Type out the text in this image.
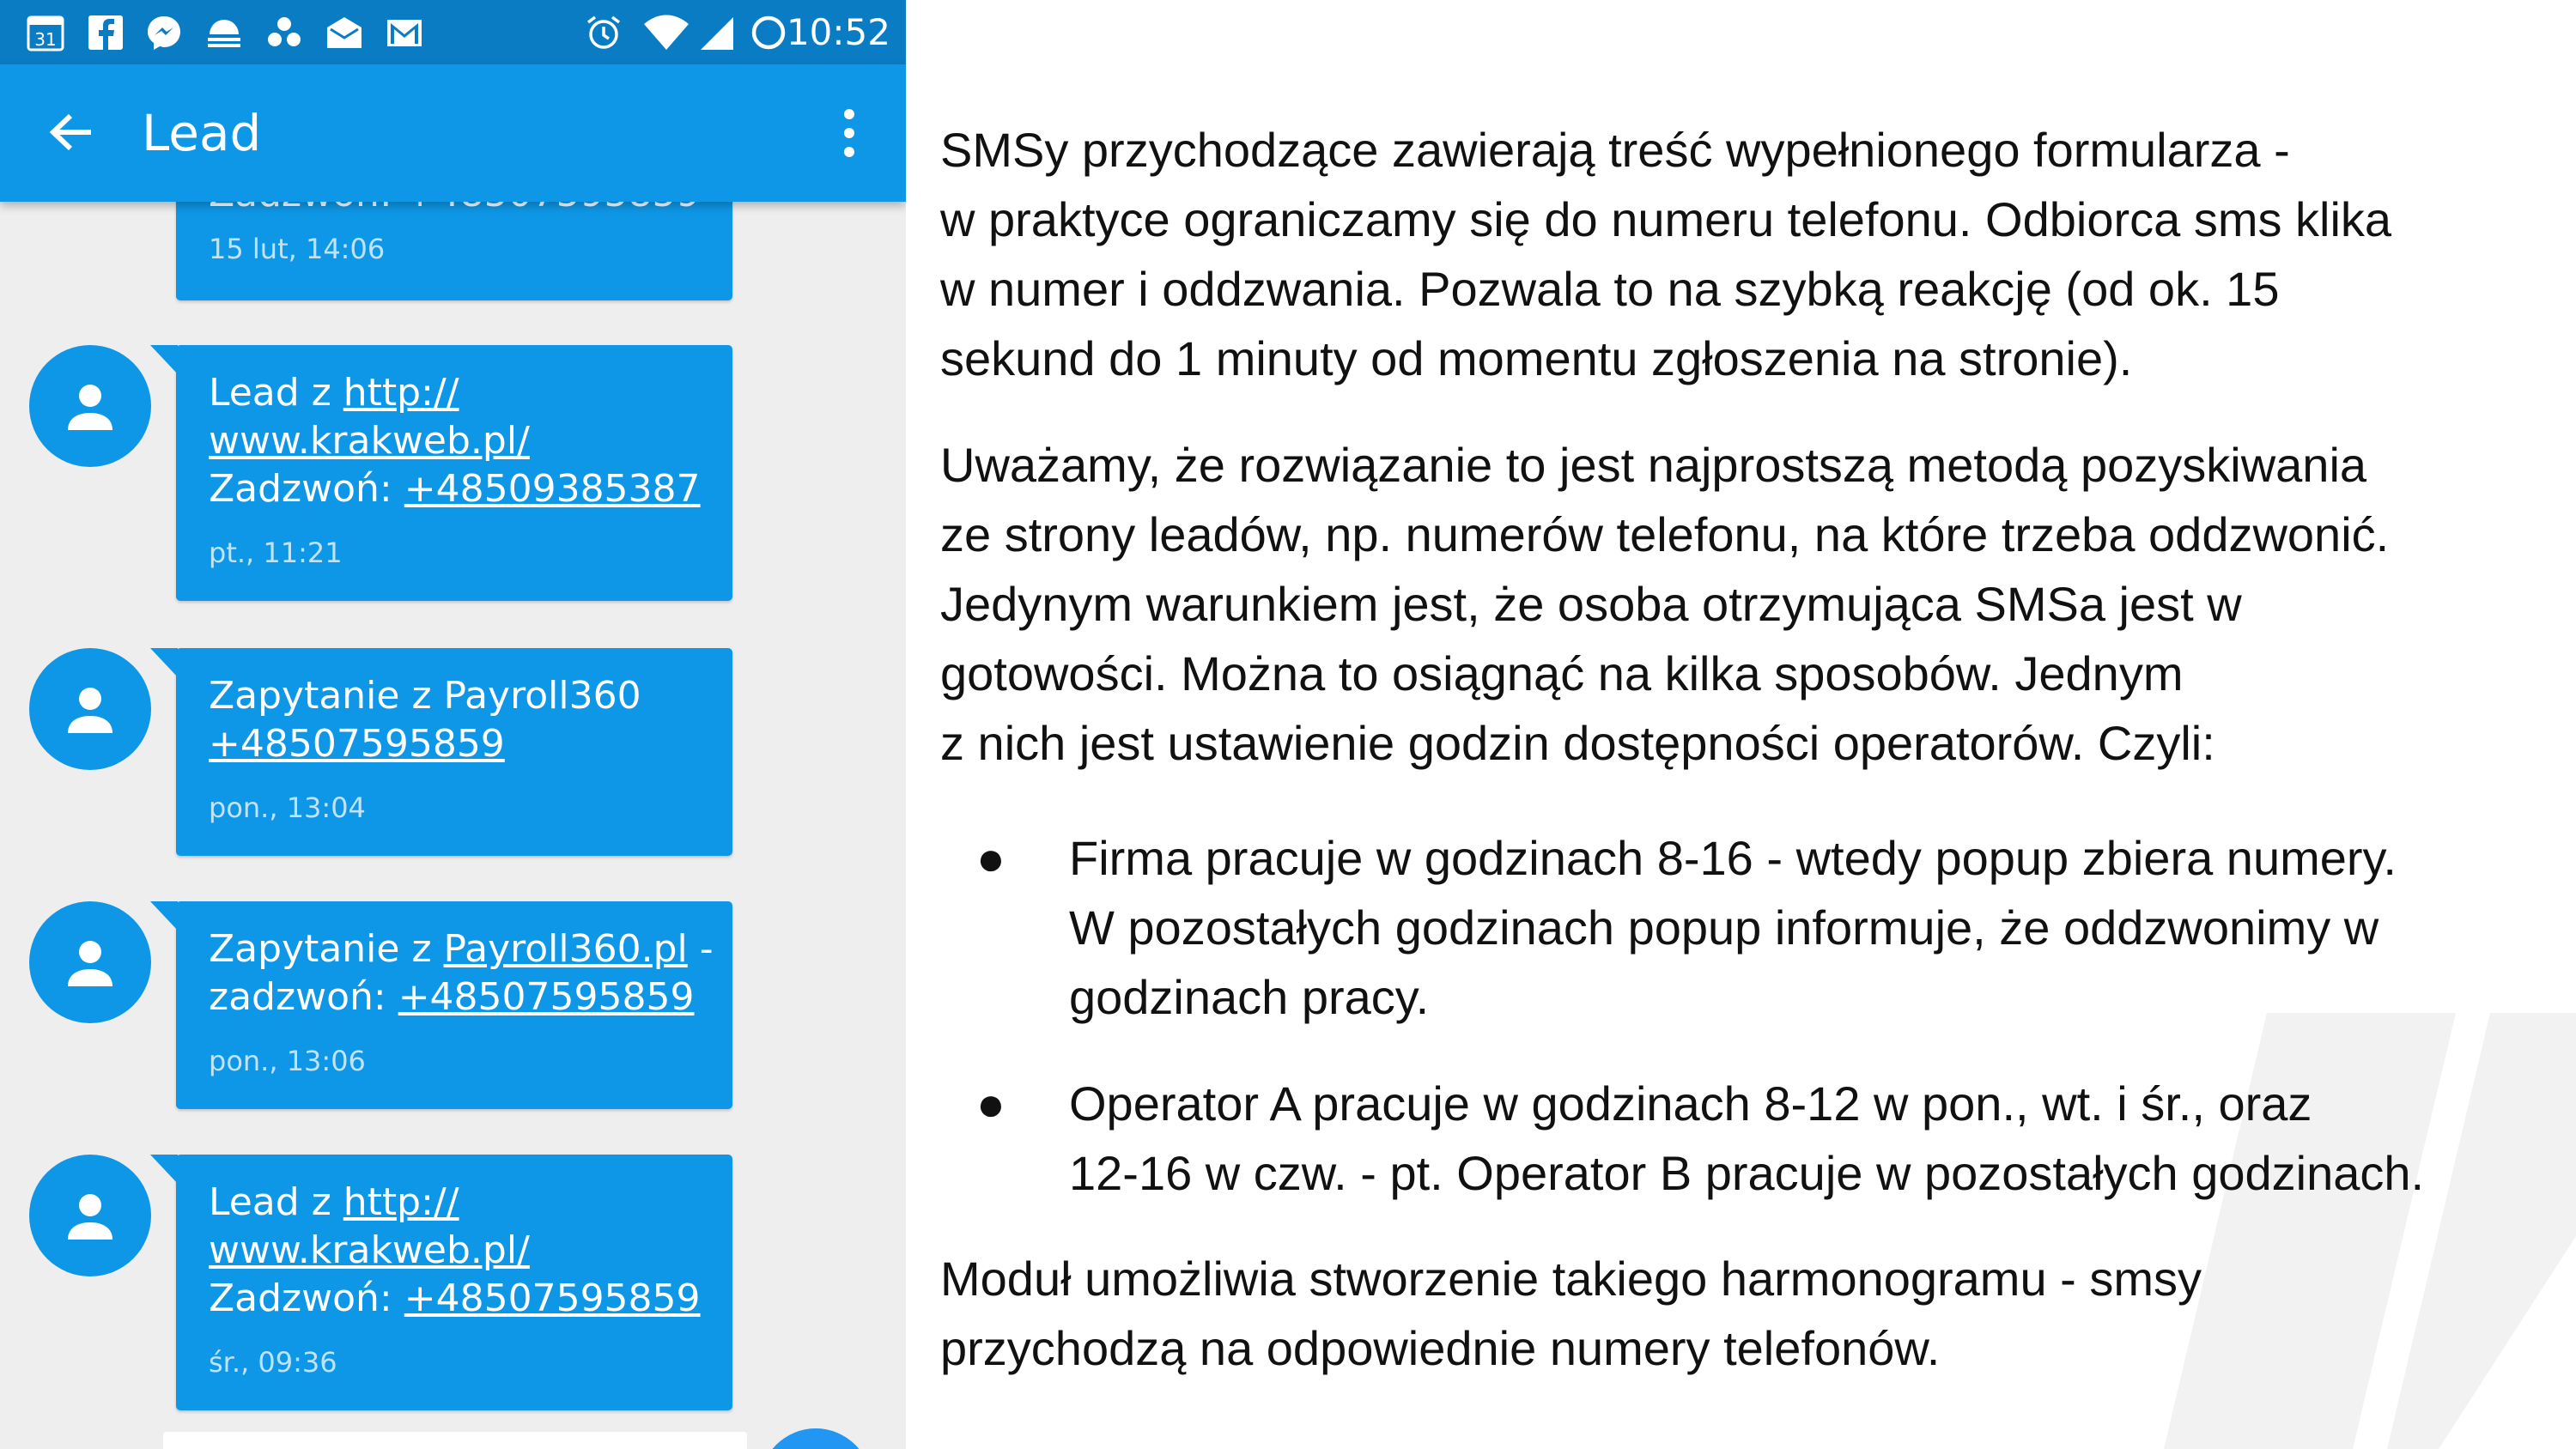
31	10:52
Lead
15 lut, 14:06
Lead z http://
www.krakweb.pl/
Zadzwoń: +48509385387
pt., 11:21
Zapytanie z Payroll360
+48507595859
pon., 13:04
Zapytanie z Payroll360.pl -
zadzwoń: +48507595859
pon., 13:06
Lead z http://
www.krakweb.pl/
Zadzwoń: +48507595859
śr., 09:36

SMSy przychodzące zawierają treść wypełnionego formularza -
w praktyce ograniczamy się do numeru telefonu. Odbiorca sms klika
w numer i oddzwania. Pozwala to na szybką reakcję (od ok. 15
sekund do 1 minuty od momentu zgłoszenia na stronie).

Uważamy, że rozwiązanie to jest najprostszą metodą pozyskiwania
ze strony leadów, np. numerów telefonu, na które trzeba oddzwonić.
Jedynym warunkiem jest, że osoba otrzymująca SMSa jest w
gotowości. Można to osiągnąć na kilka sposobów. Jednym
z nich jest ustawienie godzin dostępności operatorów. Czyli:

● Firma pracuje w godzinach 8-16 - wtedy popup zbiera numery.
W pozostałych godzinach popup informuje, że oddzwonimy w
godzinach pracy.
● Operator A pracuje w godzinach 8-12 w pon., wt. i śr., oraz
12-16 w czw. - pt. Operator B pracuje w pozostałych godzinach.

Moduł umożliwia stworzenie takiego harmonogramu - smsy
przychodzą na odpowiednie numery telefonów.
